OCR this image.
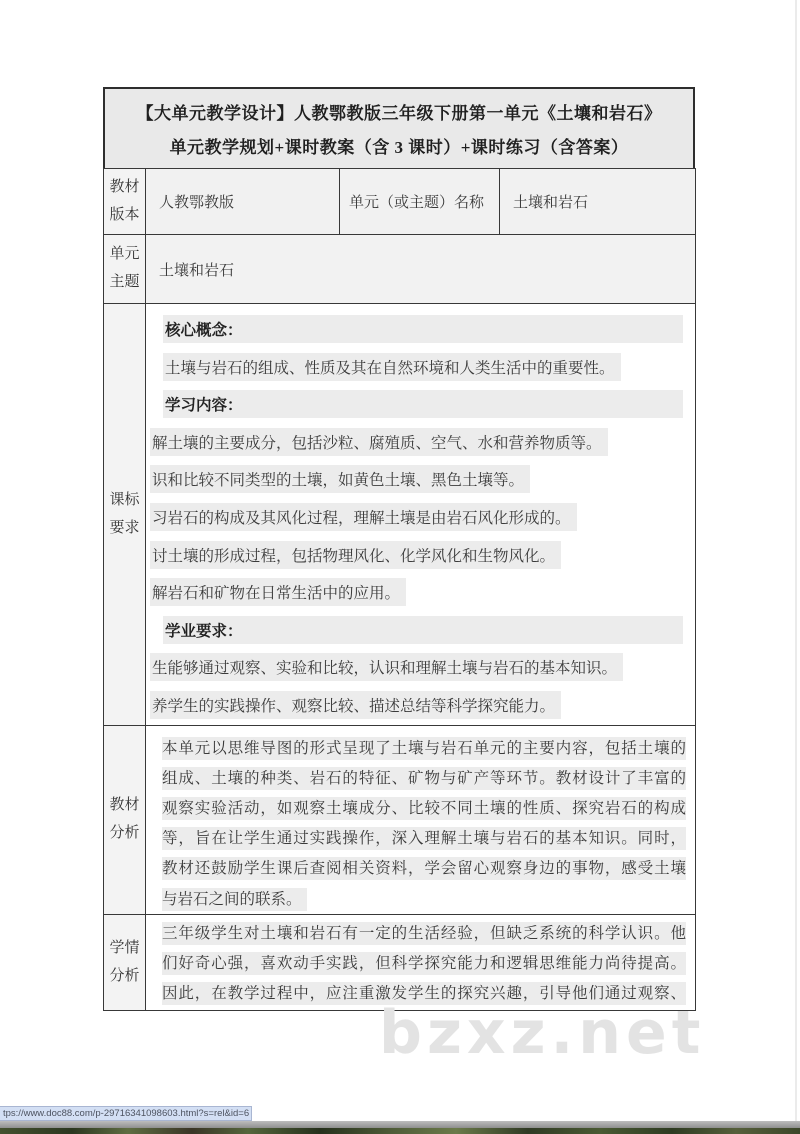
【大单元教学设计】人教鄂教版三年级下册第一单元《土壤和岩石》
单元教学规划+课时教案（含 3 课时）+课时练习（含答案）
教材
版本	人教鄂教版	单元（或主题）名称	土壤和岩石

单元
主题	土壤和岩石		

课标
要求

核心概念：
土壤与岩石的组成、性质及其在自然环境和人类生活中的重要性。
学习内容：
解土壤的主要成分，包括沙粒、腐殖质、空气、水和营养物质等。
识和比较不同类型的土壤，如黄色土壤、黑色土壤等。
习岩石的构成及其风化过程，理解土壤是由岩石风化形成的。
讨土壤的形成过程，包括物理风化、化学风化和生物风化。
解岩石和矿物在日常生活中的应用。
学业要求：
生能够通过观察、实验和比较，认识和理解土壤与岩石的基本知识。
养学生的实践操作、观察比较、描述总结等科学探究能力。

教材
分析

本单元以思维导图的形式呈现了土壤与岩石单元的主要内容，包括土壤的
组成、土壤的种类、岩石的特征、矿物与矿产等环节。教材设计了丰富的
观察实验活动，如观察土壤成分、比较不同土壤的性质、探究岩石的构成
等，旨在让学生通过实践操作，深入理解土壤与岩石的基本知识。同时，
教材还鼓励学生课后查阅相关资料，学会留心观察身边的事物，感受土壤
与岩石之间的联系。

学情
分析

三年级学生对土壤和岩石有一定的生活经验，但缺乏系统的科学认识。他
们好奇心强，喜欢动手实践，但科学探究能力和逻辑思维能力尚待提高。
因此，在教学过程中，应注重激发学生的探究兴趣，引导他们通过观察、
bzxz.net
tps://www.doc88.com/p-29716341098603.html?s=rel&id=6
